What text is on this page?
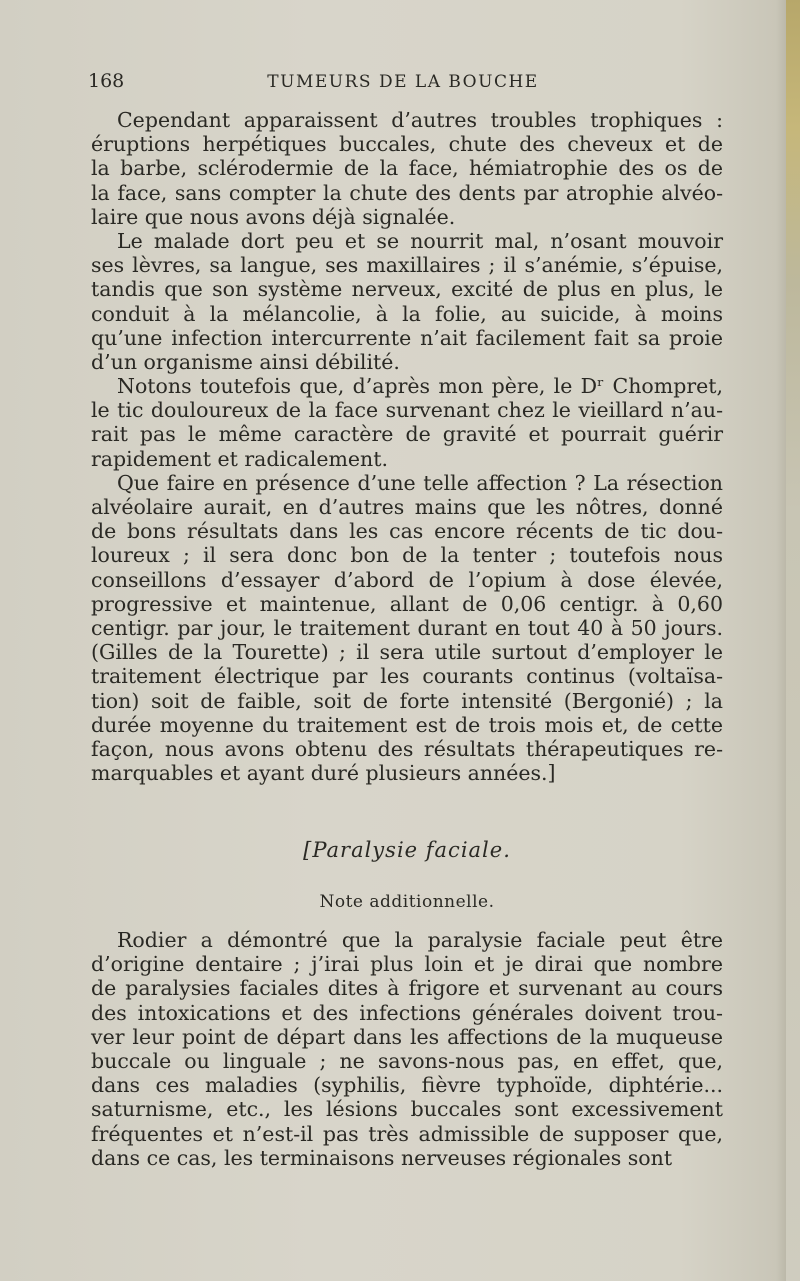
168	TUMEURS DE LA BOUCHE
Cependant apparaissent d’autres troubles trophiques :
éruptions herpétiques buccales, chute des cheveux et de
la barbe, sclérodermie de la face, hémiatrophie des os de
la face, sans compter la chute des dents par atrophie alvéo-
laire que nous avons déjà signalée.
Le malade dort peu et se nourrit mal, n’osant mouvoir
ses lèvres, sa langue, ses maxillaires ; il s’anémie, s’épuise,
tandis que son système nerveux, excité de plus en plus, le
conduit à la mélancolie, à la folie, au suicide, à moins
qu’une infection intercurrente n’ait facilement fait sa proie
d’un organisme ainsi débilité.
Notons toutefois que, d’après mon père, le Dʳ Chompret,
le tic douloureux de la face survenant chez le vieillard n’au-
rait pas le même caractère de gravité et pourrait guérir
rapidement et radicalement.
Que faire en présence d’une telle affection ? La résection
alvéolaire aurait, en d’autres mains que les nôtres, donné
de bons résultats dans les cas encore récents de tic dou-
loureux ; il sera donc bon de la tenter ; toutefois nous
conseillons d’essayer d’abord de l’opium à dose élevée,
progressive et maintenue, allant de 0,06 centigr. à 0,60
centigr. par jour, le traitement durant en tout 40 à 50 jours.
(Gilles de la Tourette) ; il sera utile surtout d’employer le
traitement électrique par les courants continus (voltaïsa-
tion) soit de faible, soit de forte intensité (Bergonié) ; la
durée moyenne du traitement est de trois mois et, de cette
façon, nous avons obtenu des résultats thérapeutiques re-
marquables et ayant duré plusieurs années.]
[Paralysie faciale.
Note additionnelle.
Rodier a démontré que la paralysie faciale peut être
d’origine dentaire ; j’irai plus loin et je dirai que nombre
de paralysies faciales dites à frigore et survenant au cours
des intoxications et des infections générales doivent trou-
ver leur point de départ dans les affections de la muqueuse
buccale ou linguale ; ne savons-nous pas, en effet, que,
dans ces maladies (syphilis, fièvre typhoïde, diphtérie...
saturnisme, etc., les lésions buccales sont excessivement
fréquentes et n’est-il pas très admissible de supposer que,
dans ce cas, les terminaisons nerveuses régionales sont
